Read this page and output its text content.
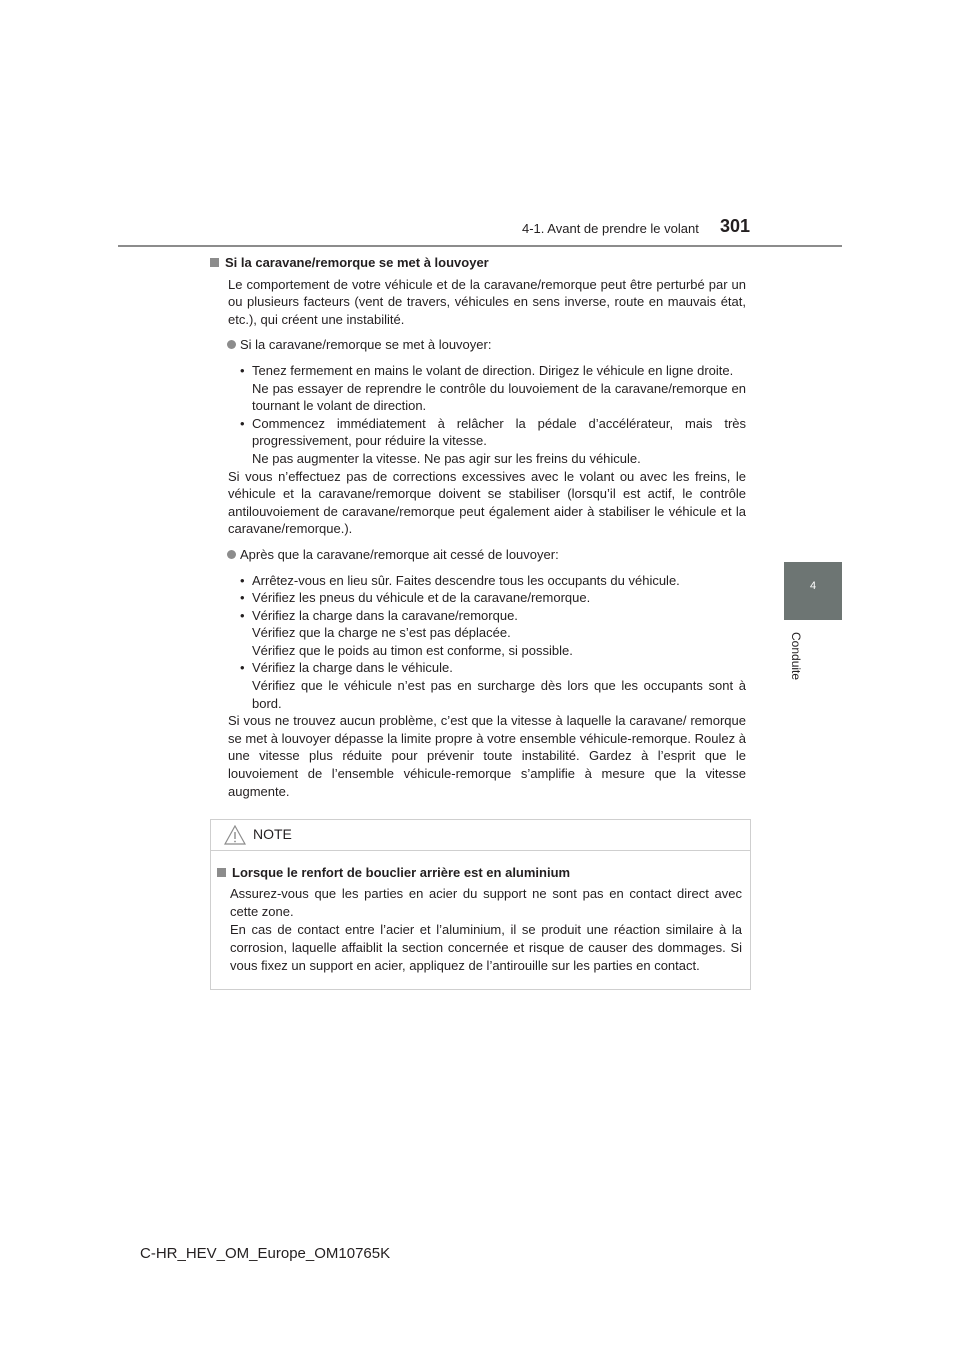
4-1. Avant de prendre le volant 301
4
Conduite
Si la caravane/remorque se met à louvoyer

Le comportement de votre véhicule et de la caravane/remorque peut être perturbé par un ou plusieurs facteurs (vent de travers, véhicules en sens inverse, route en mauvais état, etc.), qui créent une instabilité.

Si la caravane/remorque se met à louvoyer:
• Tenez fermement en mains le volant de direction. Dirigez le véhicule en ligne droite.

Ne pas essayer de reprendre le contrôle du louvoiement de la caravane/remorque en tournant le volant de direction.

• Commencez immédiatement à relâcher la pédale d’accélérateur, mais très progressivement, pour réduire la vitesse.

Ne pas augmenter la vitesse. Ne pas agir sur les freins du véhicule.

Si vous n’effectuez pas de corrections excessives avec le volant ou avec les freins, le véhicule et la caravane/remorque doivent se stabiliser (lorsqu’il est actif, le contrôle antilouvoiement de caravane/remorque peut également aider à stabiliser le véhicule et la caravane/remorque.).

Après que la caravane/remorque ait cessé de louvoyer:
• Arrêtez-vous en lieu sûr. Faites descendre tous les occupants du véhicule.

• Vérifiez les pneus du véhicule et de la caravane/remorque.

• Vérifiez la charge dans la caravane/remorque.

Vérifiez que la charge ne s’est pas déplacée.

Vérifiez que le poids au timon est conforme, si possible.

• Vérifiez la charge dans le véhicule.

Vérifiez que le véhicule n’est pas en surcharge dès lors que les occupants sont à bord.

Si vous ne trouvez aucun problème, c’est que la vitesse à laquelle la caravane/ remorque se met à louvoyer dépasse la limite propre à votre ensemble véhicule-remorque. Roulez à une vitesse plus réduite pour prévenir toute instabilité. Gardez à l’esprit que le louvoiement de l’ensemble véhicule-remorque s’amplifie à mesure que la vitesse augmente.

NOTE
Lorsque le renfort de bouclier arrière est en aluminium

Assurez-vous que les parties en acier du support ne sont pas en contact direct avec cette zone.

En cas de contact entre l’acier et l’aluminium, il se produit une réaction similaire à la corrosion, laquelle affaiblit la section concernée et risque de causer des dommages. Si vous fixez un support en acier, appliquez de l’antirouille sur les parties en contact.

C-HR_HEV_OM_Europe_OM10765K
